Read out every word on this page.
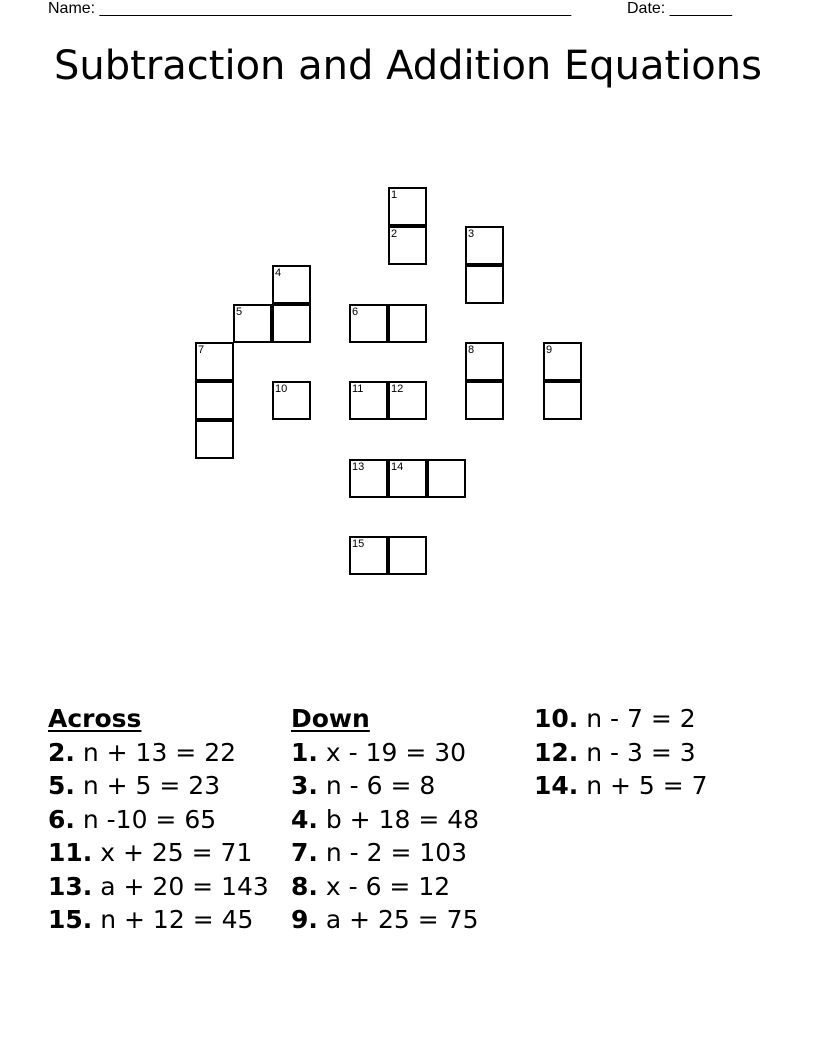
Name: _____________________________________________________	Date: _______
Subtraction and Addition Equations
1
2	3
4
5	6
7	8	9
10	11	12
13 14
15
Across
2. n + 13 = 22
5. n + 5 = 23
6. n -10 = 65
11. x + 25 = 71
13. a + 20 = 143
15. n + 12 = 45
Down
1. x - 19 = 30
3. n - 6 = 8
4. b + 18 = 48
7. n - 2 = 103
8. x - 6 = 12
9. a + 25 = 75
10. n - 7 = 2
12. n - 3 = 3
14. n + 5 = 7
